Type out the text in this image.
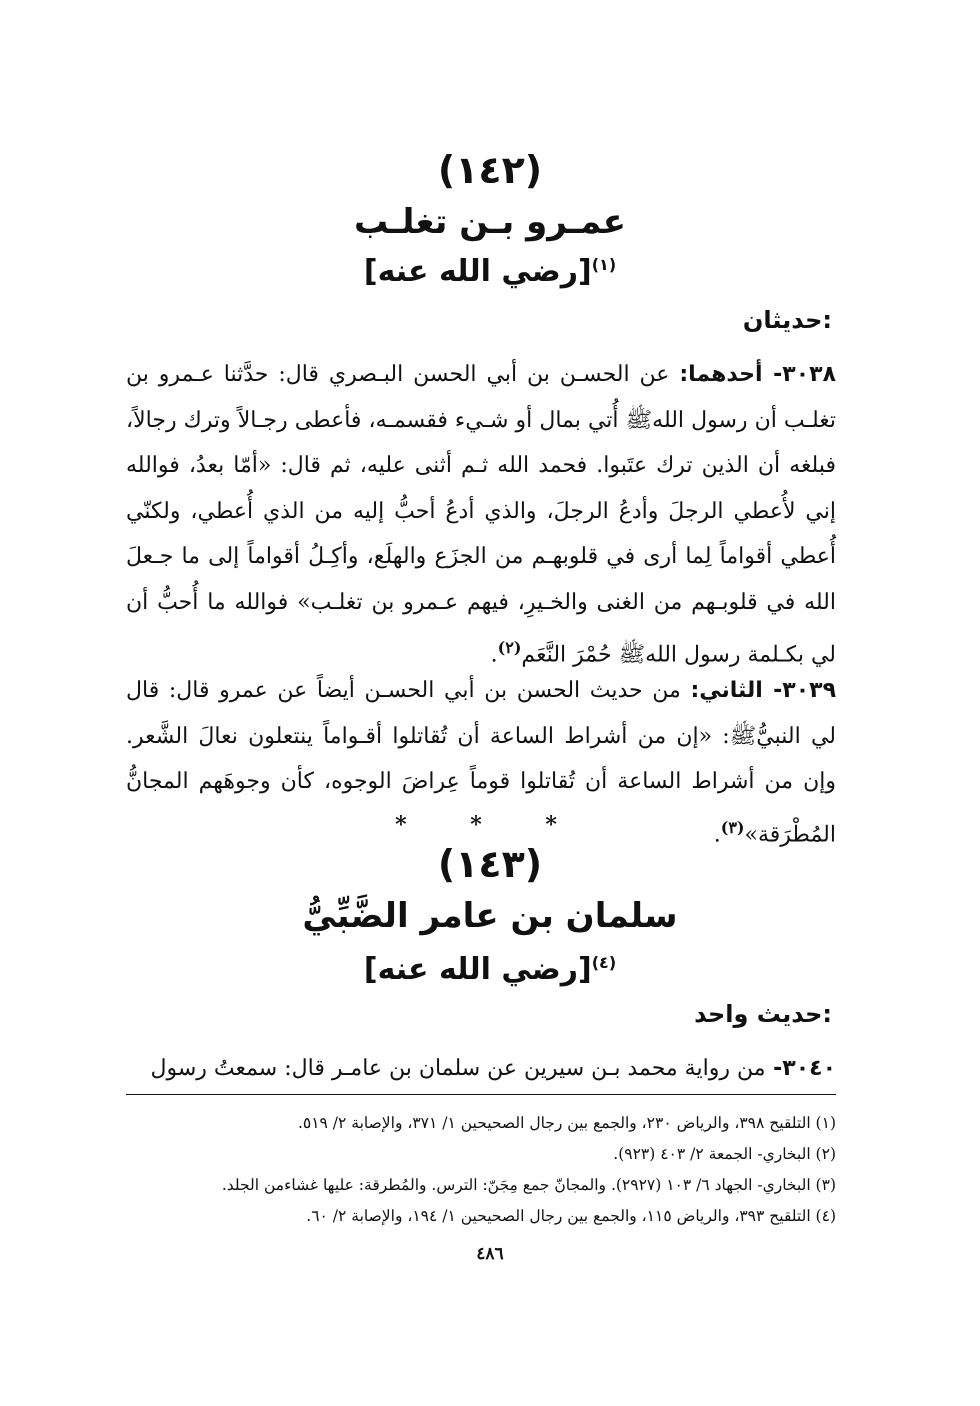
(١٤٢)
عمـرو بـن تغلـب
[رضي الله عنه]$^{(١)}$
حديثان:
٣٠٣٨- أحدهما: عن الحسـن بن أبي الحسن البـصري قال: حدَّثنا عـمرو بن تغلـب أن رسول اللهﷺ أُتي بمال أو شـيء فقسمـه، فأعطى رجـالاً وترك رجالاً، فبلغه أن الذين ترك عتَبوا. فحمد الله ثـم أثنى عليه، ثم قال: «أمّا بعدُ، فوالله إني لأُعطي الرجلَ وأدعُ الرجلَ، والذي أدعُ أحبُّ إليه من الذي أُعطي، ولكنّي أُعطي أقواماً لِما أرى في قلوبهـم من الجزَع والهلَع، وأكِـلُ أقواماً إلى ما جـعلَ الله في قلوبـهم من الغنى والخـيرِ، فيهم عـمرو بن تغلـب» فوالله ما أُحبُّ أن لي بكـلمة رسول اللهﷺ حُمْرَ النَّعَم$^{(٢)}$.
٣٠٣٩- الثاني: من حديث الحسن بن أبي الحسـن أيضاً عن عمرو قال: قال لي النبيُّﷺ: «إن من أشراط الساعة أن تُقاتلوا أقـواماً ينتعلون نعالَ الشَّعر. وإن من أشراط الساعة أن تُقاتلوا قوماً عِراضَ الوجوه، كأن وجوهَهم المجانُّ المُطْرَقة»$^{(٣)}$.
* * *
(١٤٣)
سلمان بن عامر الضَّبِّيُّ
[رضي الله عنه]$^{(٤)}$
حديث واحد:
٣٠٤٠- من رواية محمد بـن سيرين عن سلمان بن عامـر قال: سمعتُ رسول
(١) التلقيح ٣٩٨، والرياض ٢٣٠، والجمع بين رجال الصحيحين ١/ ٣٧١، والإصابة ٢/ ٥١٩.
(٢) البخاري- الجمعة ٢/ ٤٠٣ (٩٢٣).
(٣) البخاري- الجهاد ٦/ ١٠٣ (٢٩٢٧). والمجانّ جمع مِجَنّ: الترس. والمُطرقة: عليها غشاءمن الجلد.
(٤) التلقيح ٣٩٣، والرياض ١١٥، والجمع بين رجال الصحيحين ١/ ١٩٤، والإصابة ٢/ ٦٠.
٤٨٦
